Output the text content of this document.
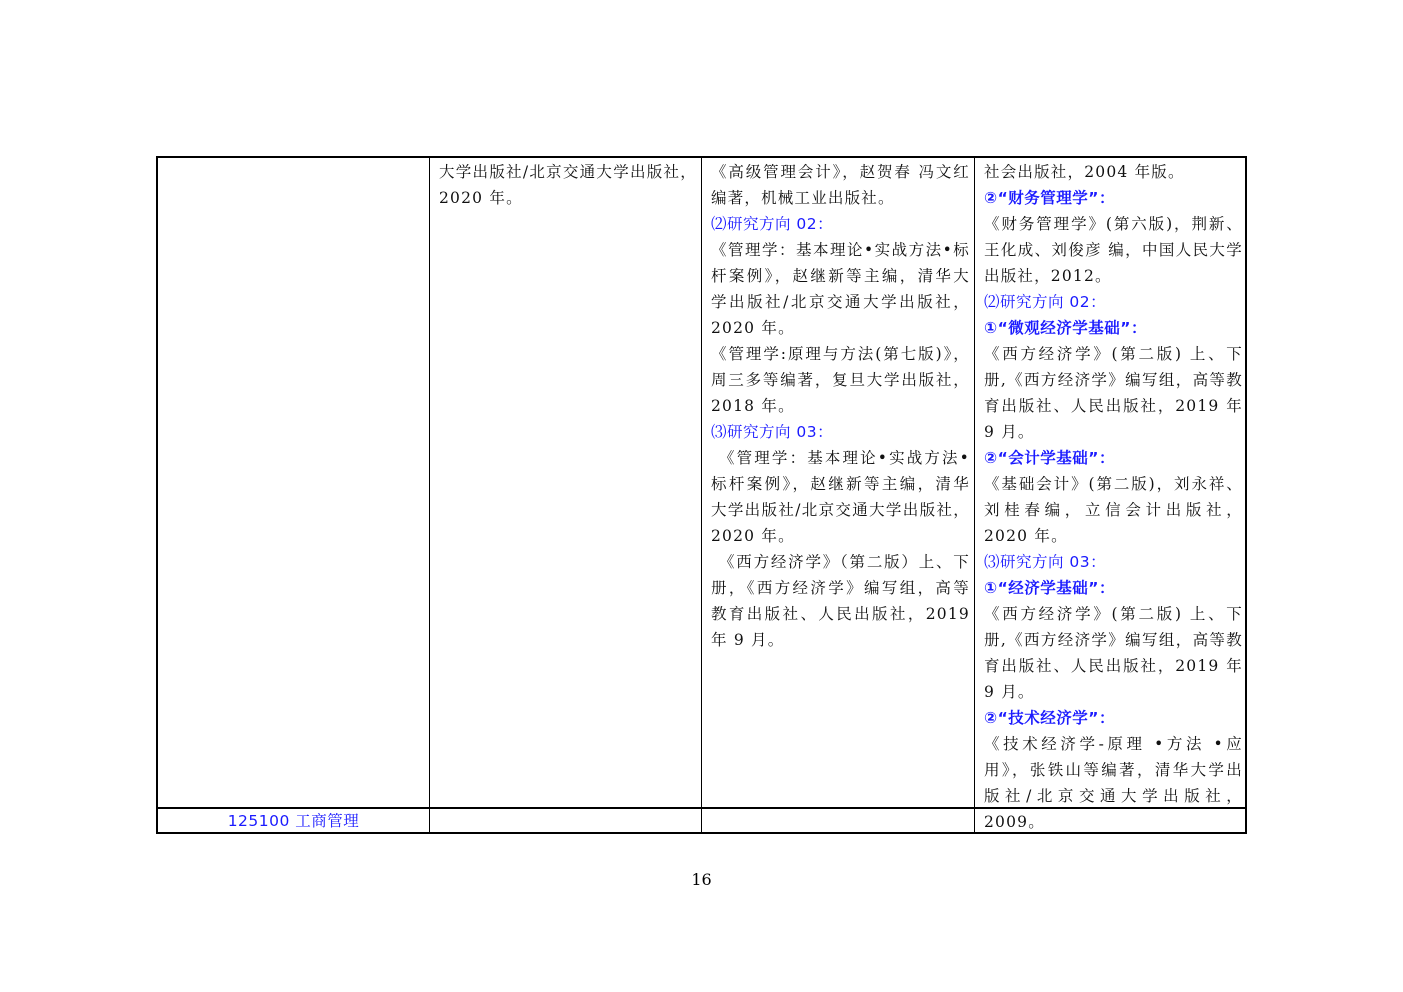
大学出版社/北京交通大学出版社，2020 年。

《高级管理会计》，赵贺春 冯文红编著，机械工业出版社。

⑵研究方向 02：

《管理学：基本理论•实战方法•标杆案例》，赵继新等主编，清华大学出版社/北京交通大学出版社， 2020 年。

《管理学:原理与方法(第七版)》，周三多等编著，复旦大学出版社，2018 年。

⑶研究方向 03：

《管理学：基本理论•实战方法•标杆案例》，赵继新等主编，清华大学出版社/北京交通大学出版社，2020 年。

《西方经济学》（第二版）上、下册，《西方经济学》编写组，高等教育出版社、人民出版社，2019 年 9 月。

社会出版社，2004 年版。

②“财务管理学”：

《财务管理学》(第六版)，荆新、王化成、刘俊彦 编，中国人民大学出版社，2012。

⑵研究方向 02：

①“微观经济学基础”：

《西方经济学》(第二版) 上、下册,《西方经济学》编写组，高等教育出版社、人民出版社，2019 年 9 月。

②“会计学基础”：

《基础会计》(第二版)，刘永祥、刘桂春编，立信会计出版社，2020 年。

⑶研究方向 03：

①“经济学基础”：

《西方经济学》(第二版) 上、下册,《西方经济学》编写组，高等教育出版社、人民出版社，2019 年 9 月。

②“技术经济学”：

《技术经济学-原理 •方法 •应用》，张铁山等编著，清华大学出版社/北京交通大学出版社，2009。

125100 工商管理
16
